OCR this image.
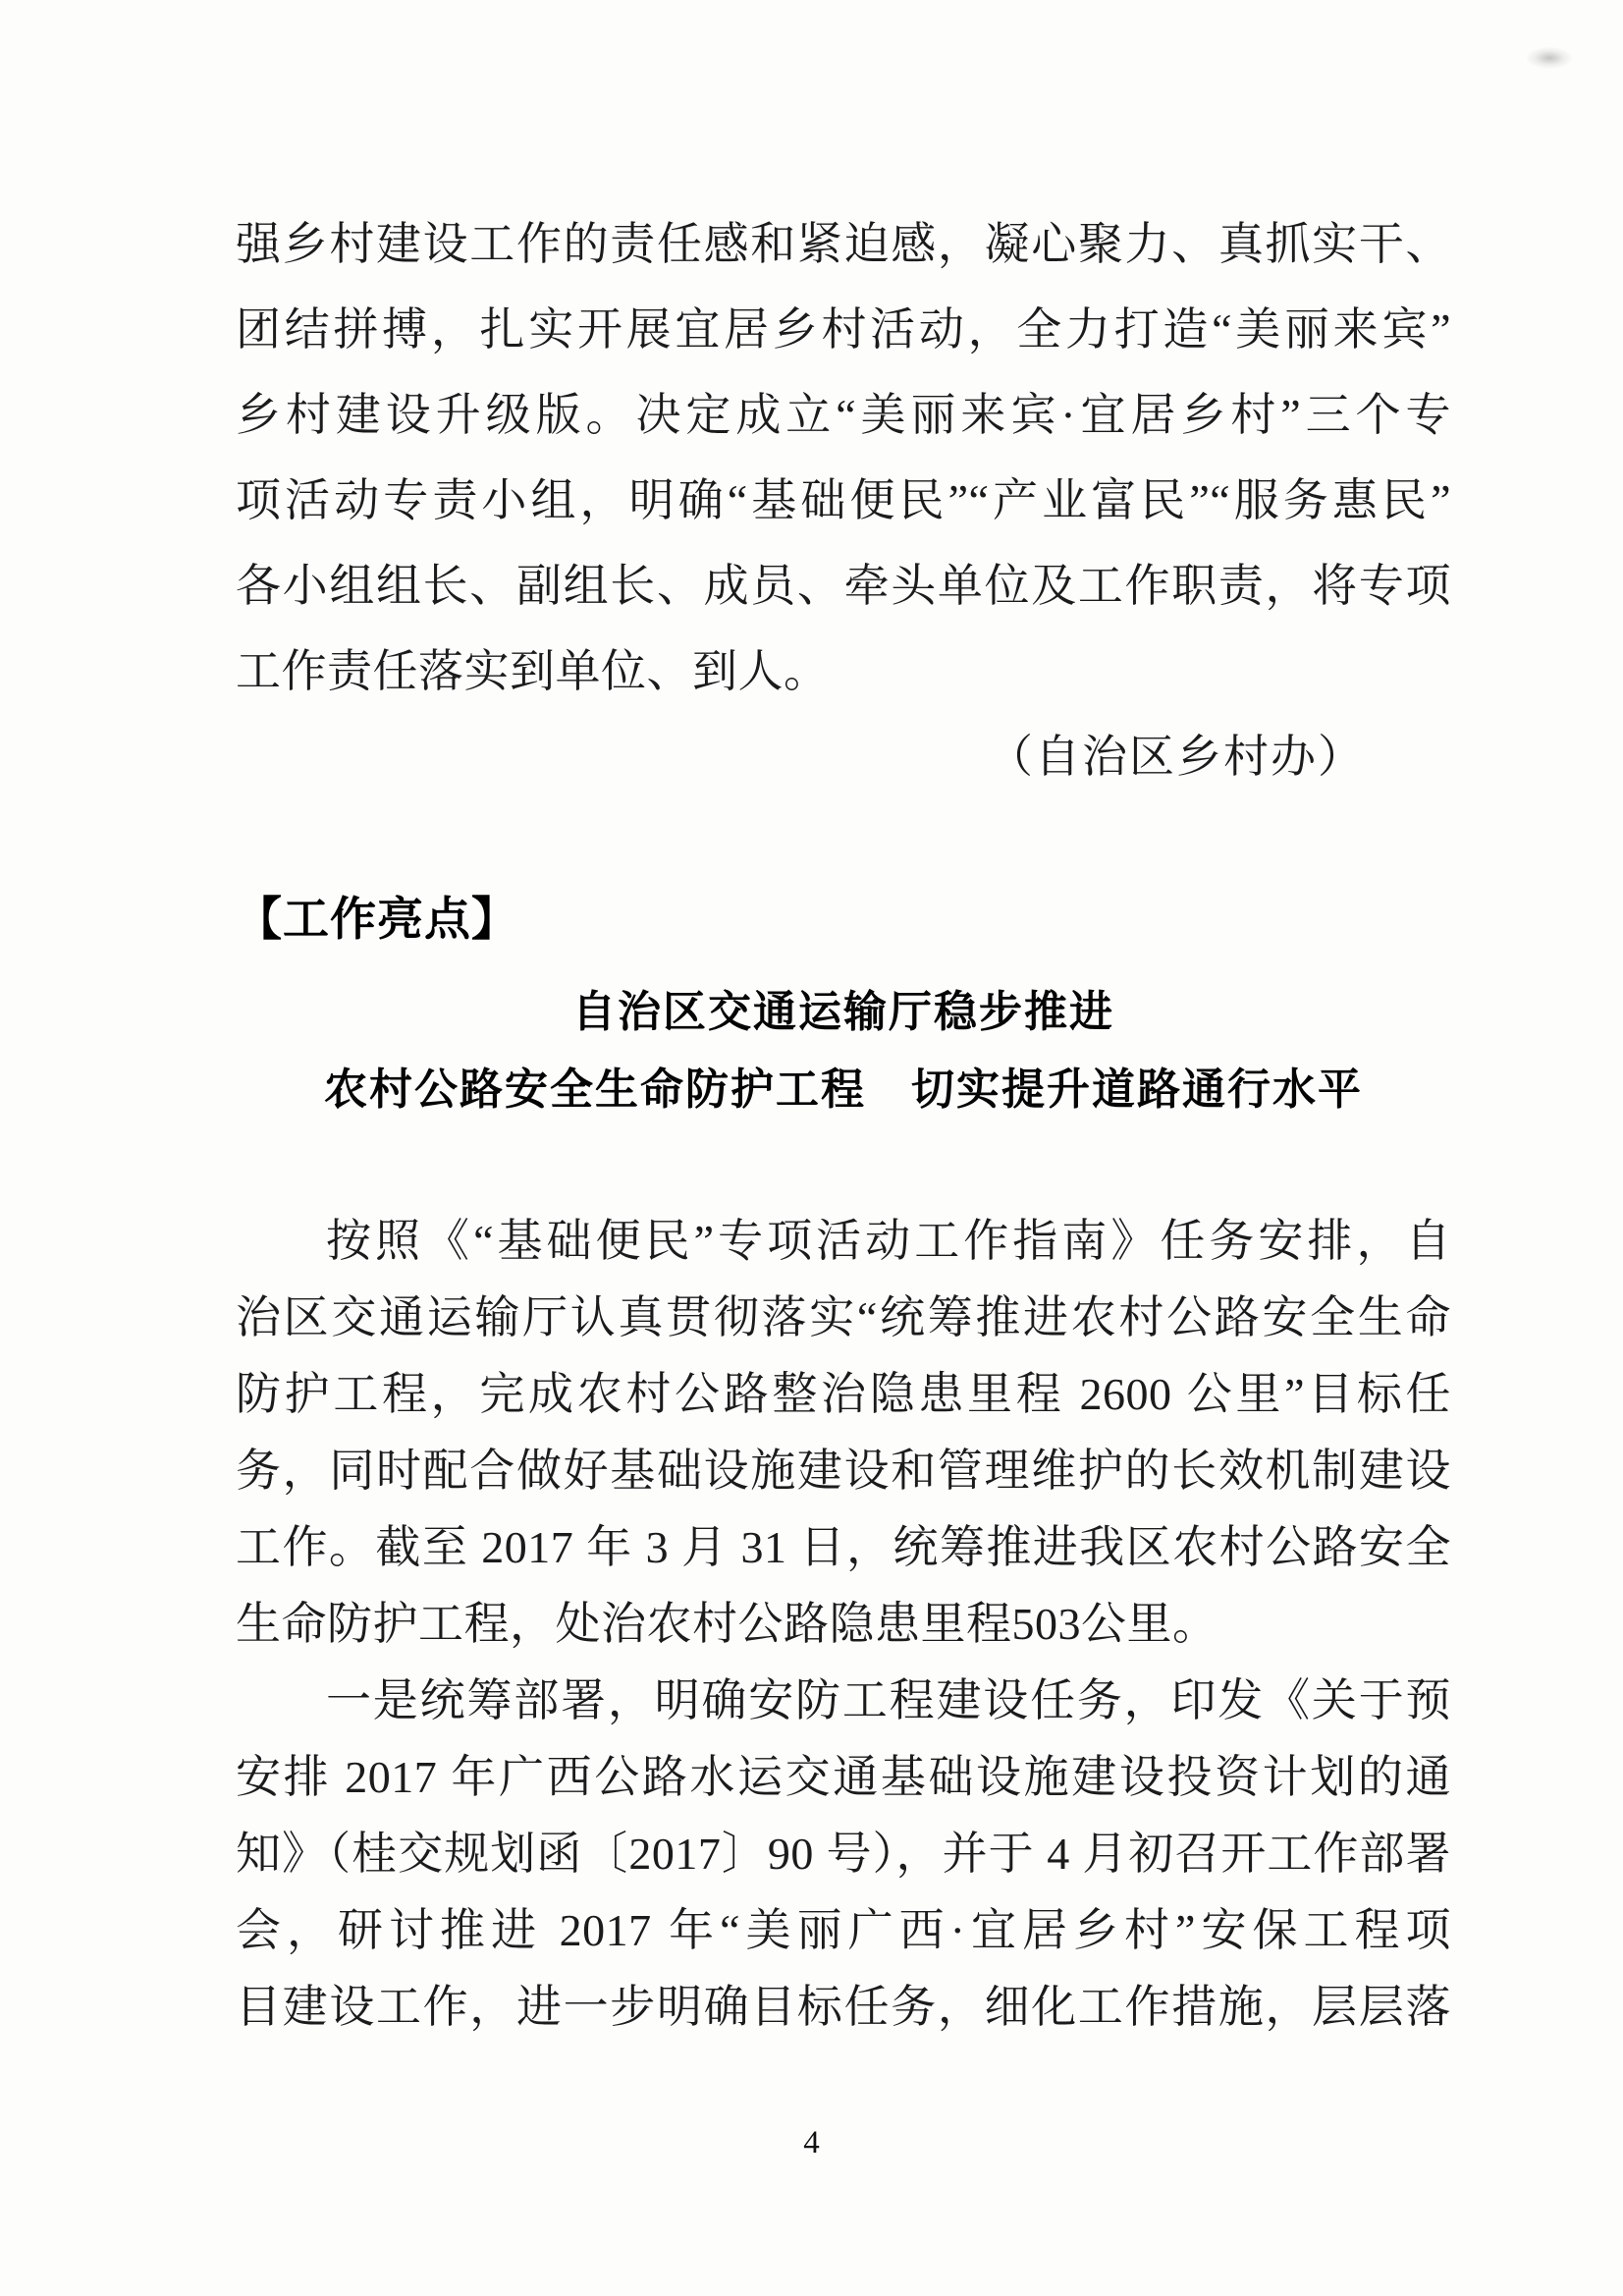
强乡村建设工作的责任感和紧迫感，凝心聚力、真抓实干、
团结拼搏，扎实开展宜居乡村活动，全力打造“美丽来宾”
乡村建设升级版。决定成立“美丽来宾·宜居乡村”三个专
项活动专责小组，明确“基础便民”“产业富民”“服务惠民”
各小组组长、副组长、成员、牵头单位及工作职责，将专项
工作责任落实到单位、到人。
（自治区乡村办）
【工作亮点】
自治区交通运输厅稳步推进
农村公路安全生命防护工程　切实提升道路通行水平
按照《“基础便民”专项活动工作指南》任务安排，自
治区交通运输厅认真贯彻落实“统筹推进农村公路安全生命
防护工程，完成农村公路整治隐患里程 2600 公里”目标任
务，同时配合做好基础设施建设和管理维护的长效机制建设
工作。截至 2017 年 3 月 31 日，统筹推进我区农村公路安全
生命防护工程，处治农村公路隐患里程503公里。
一是统筹部署，明确安防工程建设任务，印发《关于预
安排 2017 年广西公路水运交通基础设施建设投资计划的通
知》（桂交规划函〔2017〕90 号），并于 4 月初召开工作部署
会，研讨推进 2017 年“美丽广西·宜居乡村”安保工程项
目建设工作，进一步明确目标任务，细化工作措施，层层落
4
